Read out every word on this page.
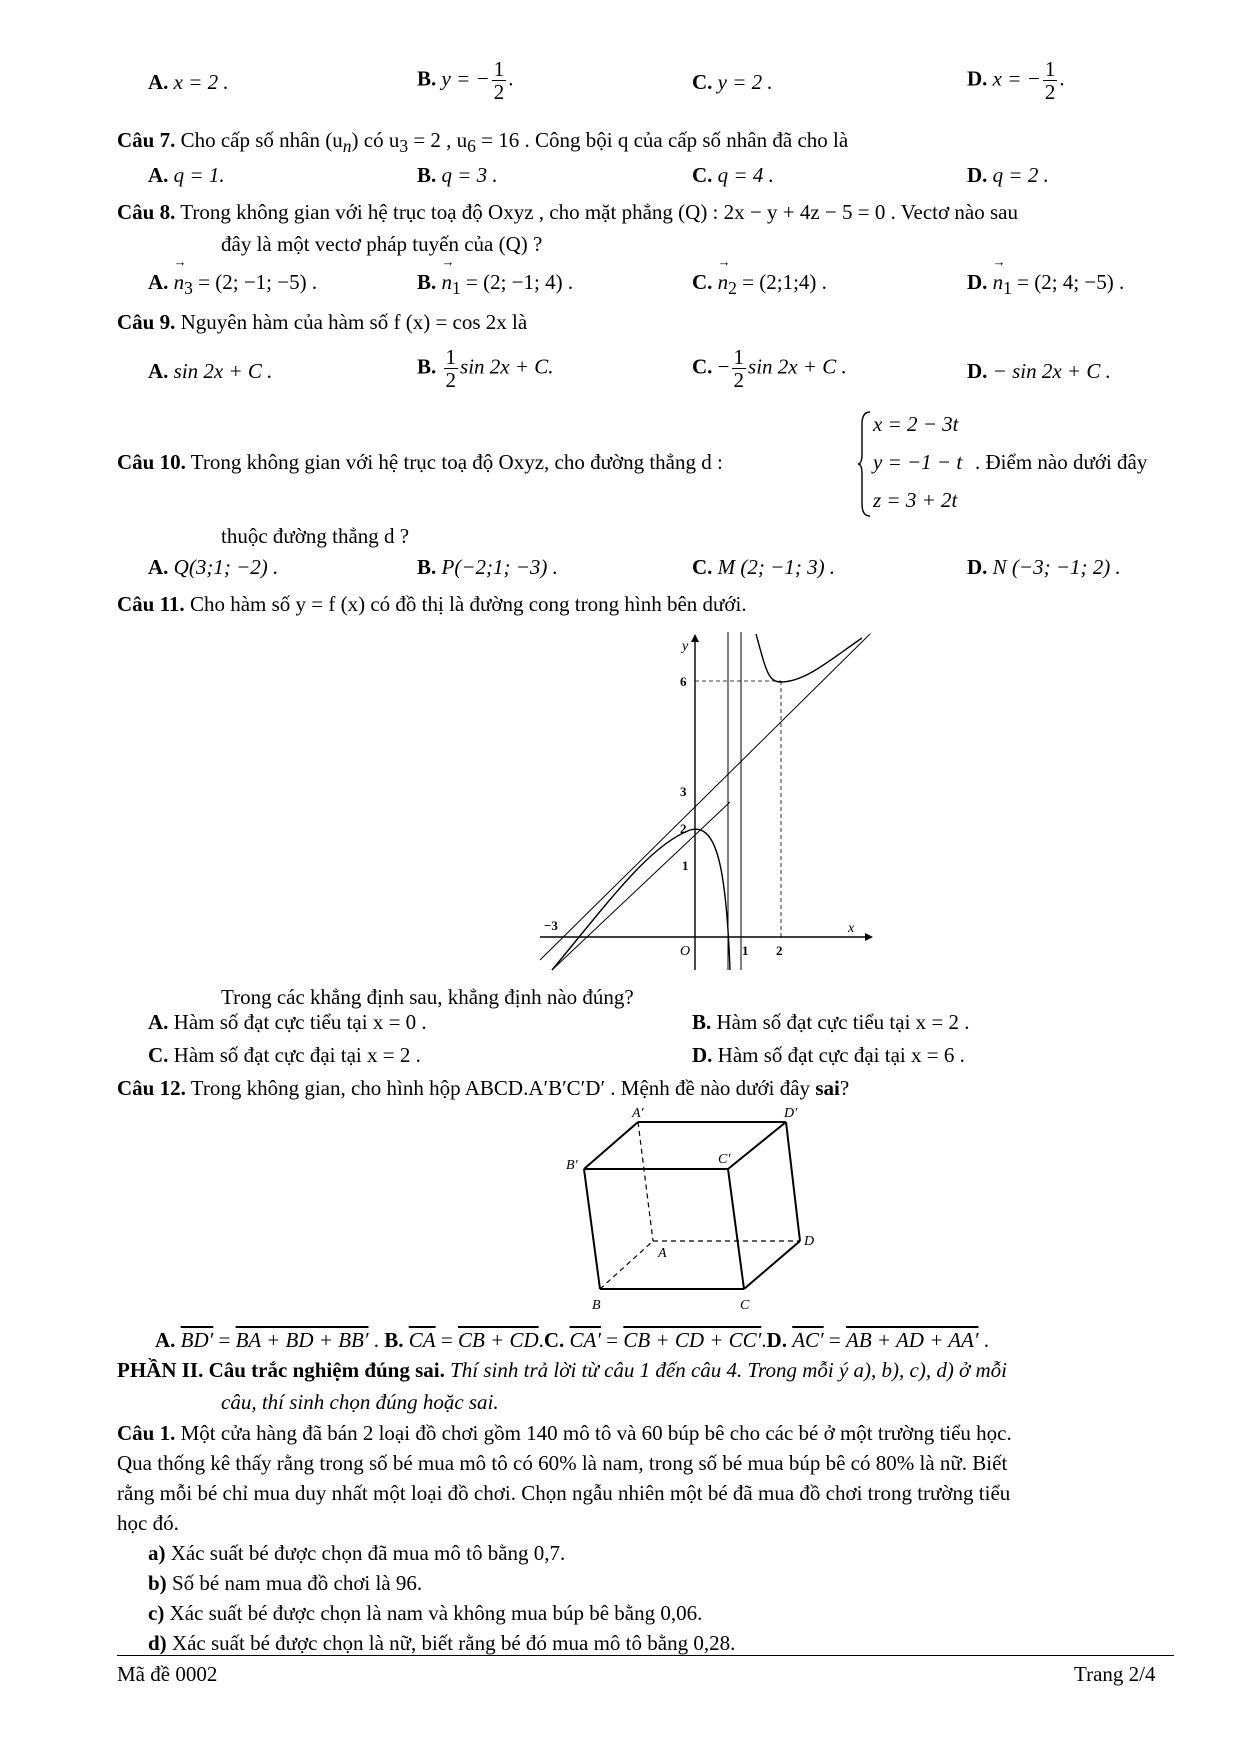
A. x = 2 .	B. y = − $\frac{1}{2}$ .	C. y = 2 .	D. x = − $\frac{1}{2}$ .
Câu 7. Cho cấp số nhân $(u_n)$ có $u_3 = 2$ , $u_6 = 16$ . Công bội q của cấp số nhân đã cho là
A. q = 1.	B. q = 3 .	C. q = 4 .	D. q = 2 .
Câu 8. Trong không gian với hệ trục toạ độ Oxyz , cho mặt phẳng (Q) : 2x − y + 4z − 5 = 0 . Vectơ nào sau
đây là một vectơ pháp tuyến của (Q) ?
A. → $n_3 = (2$; −1; −5) .	B. → $n_1 = (2$; −1; 4) .	C. → $n_2$ = (2;1;4) .	D. → $n_1 = (2$; 4; −5) .
Câu 9. Nguyên hàm của hàm số f (x) = cos 2x là
A. sin 2x + C .	B. $\frac{1}{2}$ sin 2x + C.	C. − $\frac{1}{2}$ sin 2x + C .	D. − sin 2x + C .
Câu 10. Trong không gian với hệ trục toạ độ Oxyz, cho đường thẳng d :
x = 2 − 3t
y = −1 − t
z = 3 + 2t
. Điểm nào dưới đây
thuộc đường thẳng d ?
A. Q(3;1; −2) .	B. P(−2;1; −3) .	C. M (2; −1; 3) .	D. N (−3; −1; 2) .
Câu 11. Cho hàm số y = f (x) có đồ thị là đường cong trong hình bên dưới.
y
x
O
6
3
2
1
−3
1 2
Trong các khẳng định sau, khẳng định nào đúng?
A. Hàm số đạt cực tiểu tại x = 0 .	B. Hàm số đạt cực tiểu tại x = 2 .
C. Hàm số đạt cực đại tại x = 2 .	D. Hàm số đạt cực đại tại x = 6 .
Câu 12. Trong không gian, cho hình hộp ABCD.A′B′C′D′ . Mệnh đề nào dưới đây sai?
A′	D′
B′	C′
A
D
B	C
A. BD′ = BA + BD + BB′ . B. $\overline{CA}$ = CB + CD.C. CA′ = CB + CD + CC′.D. AC′ = AB + AD + AA′ .
PHẦN II. Câu trắc nghiệm đúng sai. Thí sinh trả lời từ câu 1 đến câu 4. Trong mỗi ý a), b), c), d) ở mỗi
câu, thí sinh chọn đúng hoặc sai.
Câu 1. Một cửa hàng đã bán 2 loại đồ chơi gồm 140 mô tô và 60 búp bê cho các bé ở một trường tiểu học.
Qua thống kê thấy rằng trong số bé mua mô tô có 60% là nam, trong số bé mua búp bê có 80% là nữ. Biết
rằng mỗi bé chỉ mua duy nhất một loại đồ chơi. Chọn ngẫu nhiên một bé đã mua đồ chơi trong trường tiểu
học đó.
a) Xác suất bé được chọn đã mua mô tô bằng 0,7.
b) Số bé nam mua đồ chơi là 96.
c) Xác suất bé được chọn là nam và không mua búp bê bằng 0,06.
d) Xác suất bé được chọn là nữ, biết rằng bé đó mua mô tô bằng 0,28.
Mã đề 0002	Trang 2/4
